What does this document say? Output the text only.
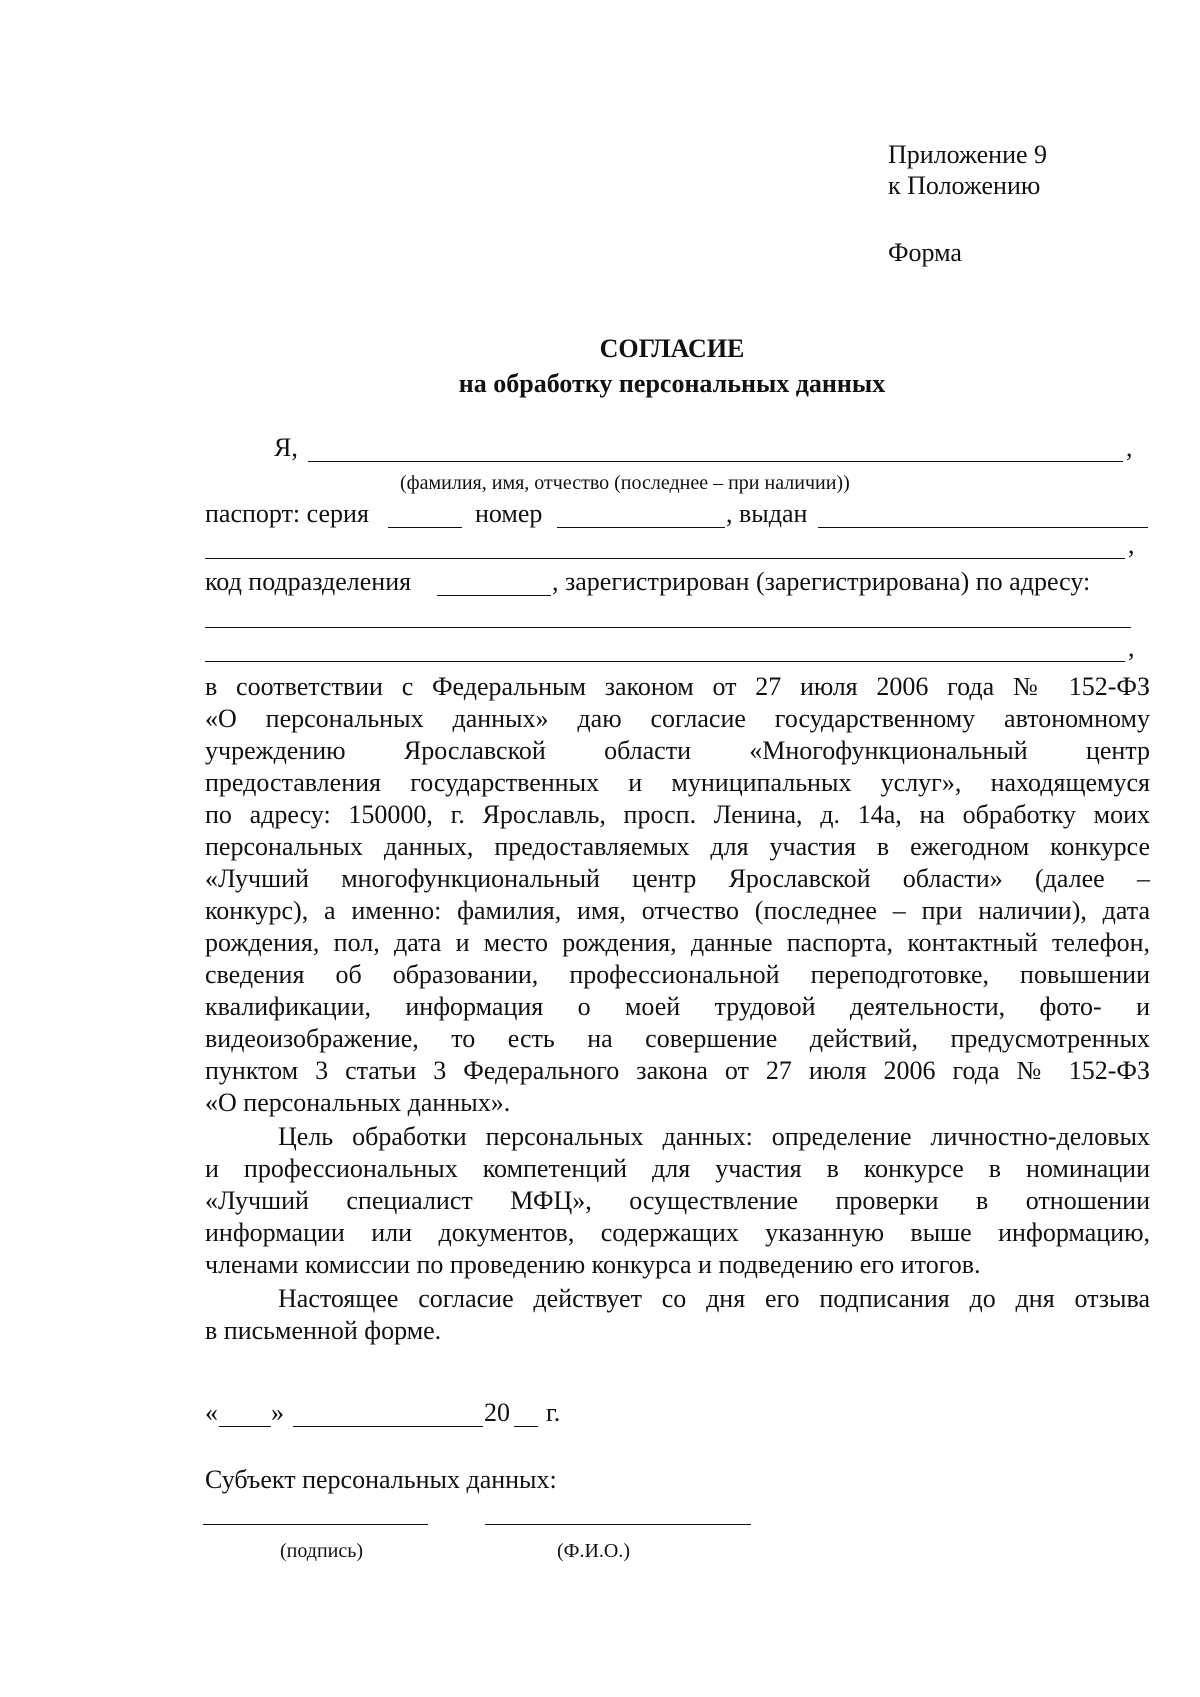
Приложение 9
к Положению
Форма
СОГЛАСИЕ
на обработку персональных данных
Я,	,
(фамилия, имя, отчество (последнее – при наличии))
паспорт: серия	номер	, выдан
,
код подразделения	, зарегистрирован (зарегистрирована) по адресу:
,
в соответствии с Федеральным законом от 27 июля 2006 года № 152-ФЗ
«О персональных данных» даю согласие государственному автономному
учреждению Ярославской области «Многофункциональный центр
предоставления государственных и муниципальных услуг», находящемуся
по адресу: 150000, г. Ярославль, просп. Ленина, д. 14а, на обработку моих
персональных данных, предоставляемых для участия в ежегодном конкурсе
«Лучший многофункциональный центр Ярославской области» (далее –
конкурс), а именно: фамилия, имя, отчество (последнее – при наличии), дата
рождения, пол, дата и место рождения, данные паспорта, контактный телефон,
сведения об образовании, профессиональной переподготовке, повышении
квалификации, информация о моей трудовой деятельности, фото- и
видеоизображение, то есть на совершение действий, предусмотренных
пунктом 3 статьи 3 Федерального закона от 27 июля 2006 года № 152-ФЗ
«О персональных данных».
Цель обработки персональных данных: определение личностно-деловых
и профессиональных компетенций для участия в конкурсе в номинации
«Лучший специалист МФЦ», осуществление проверки в отношении
информации или документов, содержащих указанную выше информацию,
членами комиссии по проведению конкурса и подведению его итогов.
Настоящее согласие действует со дня его подписания до дня отзыва
в письменной форме.
« »	20 г.
Субъект персональных данных:
(подпись)	(Ф.И.О.)
